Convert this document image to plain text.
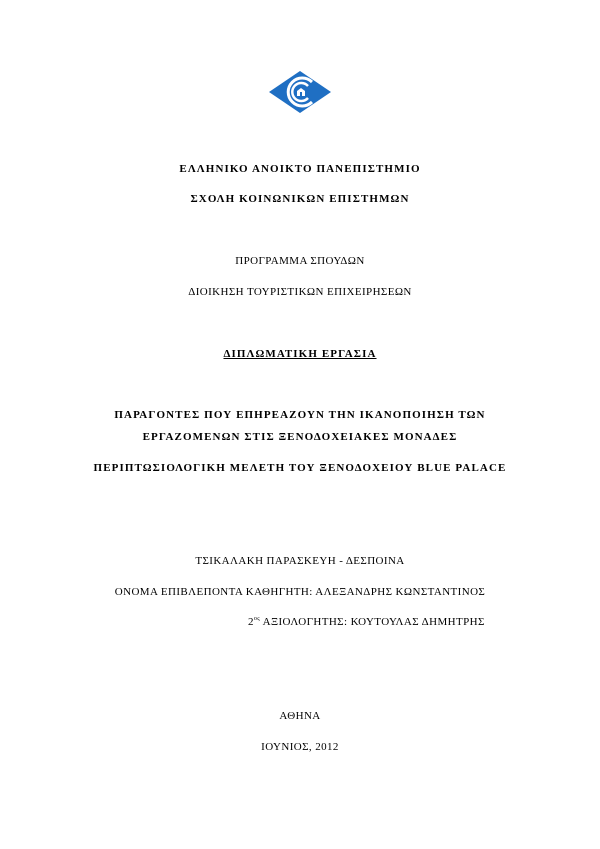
ΕΛΛΗΝΙΚΟ ΑΝΟΙΚΤΟ ΠΑΝΕΠΙΣΤΗΜΙΟ
ΣΧΟΛΗ ΚΟΙΝΩΝΙΚΩΝ ΕΠΙΣΤΗΜΩΝ
ΠΡΟΓΡΑΜΜΑ ΣΠΟΥΔΩΝ
ΔΙΟΙΚΗΣΗ ΤΟΥΡΙΣΤΙΚΩΝ ΕΠΙΧΕΙΡΗΣΕΩΝ
ΔΙΠΛΩΜΑΤΙΚΗ ΕΡΓΑΣΙΑ
ΠΑΡΑΓΟΝΤΕΣ ΠΟΥ ΕΠΗΡΕΑΖΟΥΝ ΤΗΝ ΙΚΑΝΟΠΟΙΗΣΗ ΤΩΝ
ΕΡΓΑΖΟΜΕΝΩΝ ΣΤΙΣ ΞΕΝΟΔΟΧΕΙΑΚΕΣ ΜΟΝΑΔΕΣ
ΠΕΡΙΠΤΩΣΙΟΛΟΓΙΚΗ ΜΕΛΕΤΗ ΤΟΥ ΞΕΝΟΔΟΧΕΙΟΥ BLUE PALACE
ΤΣΙΚΑΛΑΚΗ ΠΑΡΑΣΚΕΥΗ - ΔΕΣΠΟΙΝΑ
ΟΝΟΜΑ ΕΠΙΒΛΕΠΟΝΤΑ ΚΑΘΗΓΗΤΗ: ΑΛΕΞΑΝΔΡΗΣ ΚΩΝΣΤΑΝΤΙΝΟΣ
$2^{o\varsigma}$ ΑΞΙΟΛΟΓΗΤΗΣ: ΚΟΥΤΟΥΛΑΣ ΔΗΜΗΤΡΗΣ
ΑΘΗΝΑ
ΙΟΥΝΙΟΣ, 2012
